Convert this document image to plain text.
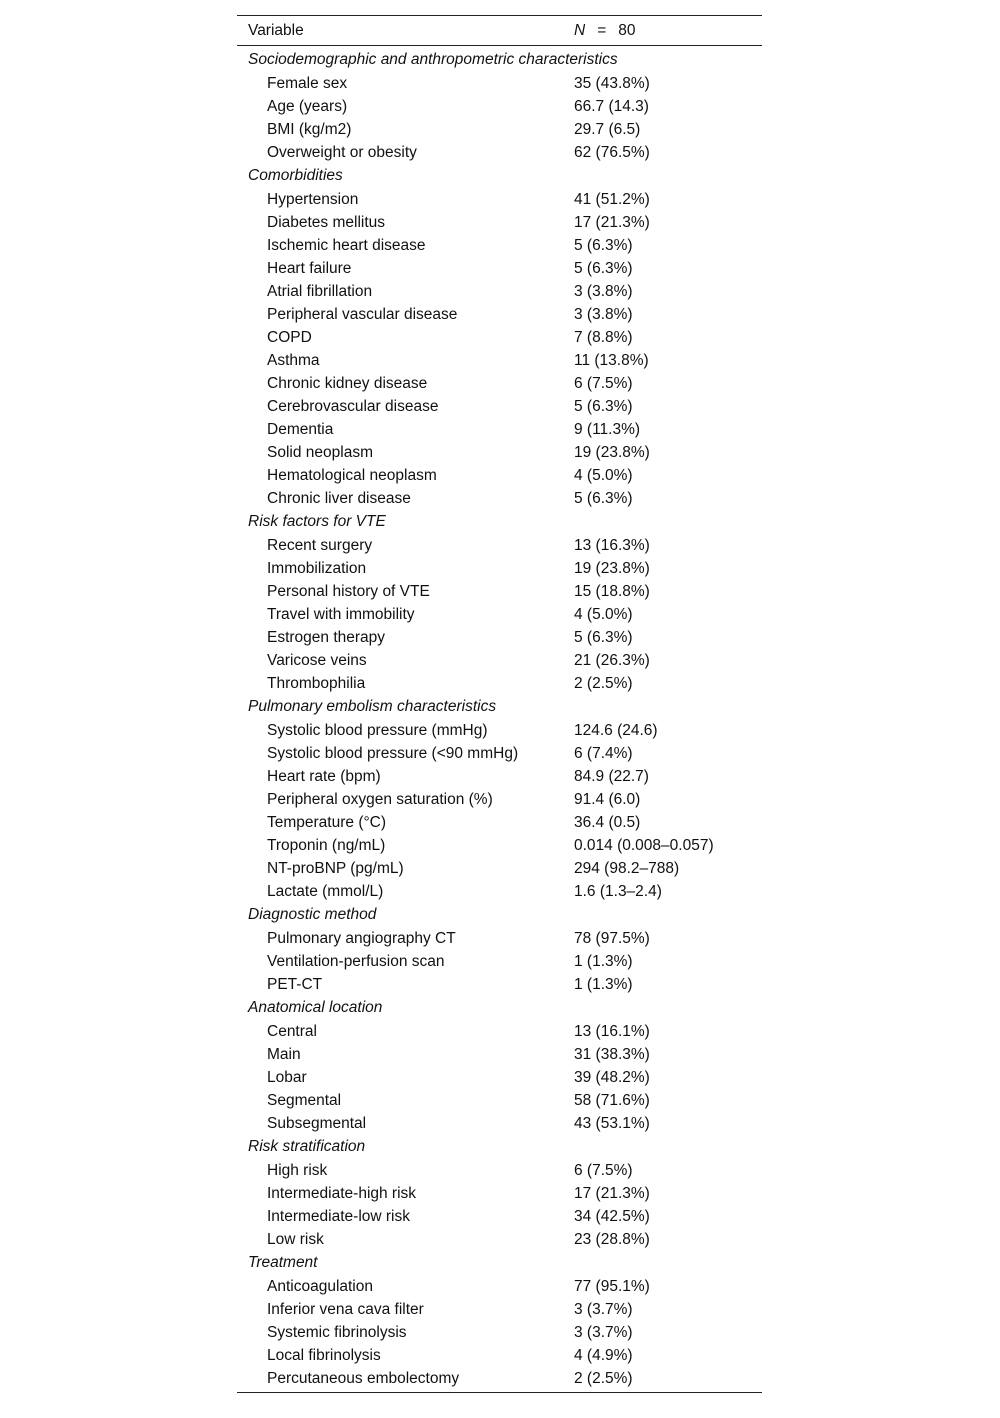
Variable	N = 80
Sociodemographic and anthropometric characteristics
Female sex	35 (43.8%)
Age (years)	66.7 (14.3)
BMI (kg/m2)	29.7 (6.5)
Overweight or obesity	62 (76.5%)
Comorbidities
Hypertension	41 (51.2%)
Diabetes mellitus	17 (21.3%)
Ischemic heart disease	5 (6.3%)
Heart failure	5 (6.3%)
Atrial fibrillation	3 (3.8%)
Peripheral vascular disease	3 (3.8%)
COPD	7 (8.8%)
Asthma	11 (13.8%)
Chronic kidney disease	6 (7.5%)
Cerebrovascular disease	5 (6.3%)
Dementia	9 (11.3%)
Solid neoplasm	19 (23.8%)
Hematological neoplasm	4 (5.0%)
Chronic liver disease	5 (6.3%)
Risk factors for VTE
Recent surgery	13 (16.3%)
Immobilization	19 (23.8%)
Personal history of VTE	15 (18.8%)
Travel with immobility	4 (5.0%)
Estrogen therapy	5 (6.3%)
Varicose veins	21 (26.3%)
Thrombophilia	2 (2.5%)
Pulmonary embolism characteristics
Systolic blood pressure (mmHg)	124.6 (24.6)
Systolic blood pressure (<90 mmHg)	6 (7.4%)
Heart rate (bpm)	84.9 (22.7)
Peripheral oxygen saturation (%)	91.4 (6.0)
Temperature (°C)	36.4 (0.5)
Troponin (ng/mL)	0.014 (0.008–0.057)
NT-proBNP (pg/mL)	294 (98.2–788)
Lactate (mmol/L)	1.6 (1.3–2.4)
Diagnostic method
Pulmonary angiography CT	78 (97.5%)
Ventilation-perfusion scan	1 (1.3%)
PET-CT	1 (1.3%)
Anatomical location
Central	13 (16.1%)
Main	31 (38.3%)
Lobar	39 (48.2%)
Segmental	58 (71.6%)
Subsegmental	43 (53.1%)
Risk stratification
High risk	6 (7.5%)
Intermediate-high risk	17 (21.3%)
Intermediate-low risk	34 (42.5%)
Low risk	23 (28.8%)
Treatment
Anticoagulation	77 (95.1%)
Inferior vena cava filter	3 (3.7%)
Systemic fibrinolysis	3 (3.7%)
Local fibrinolysis	4 (4.9%)
Percutaneous embolectomy	2 (2.5%)
